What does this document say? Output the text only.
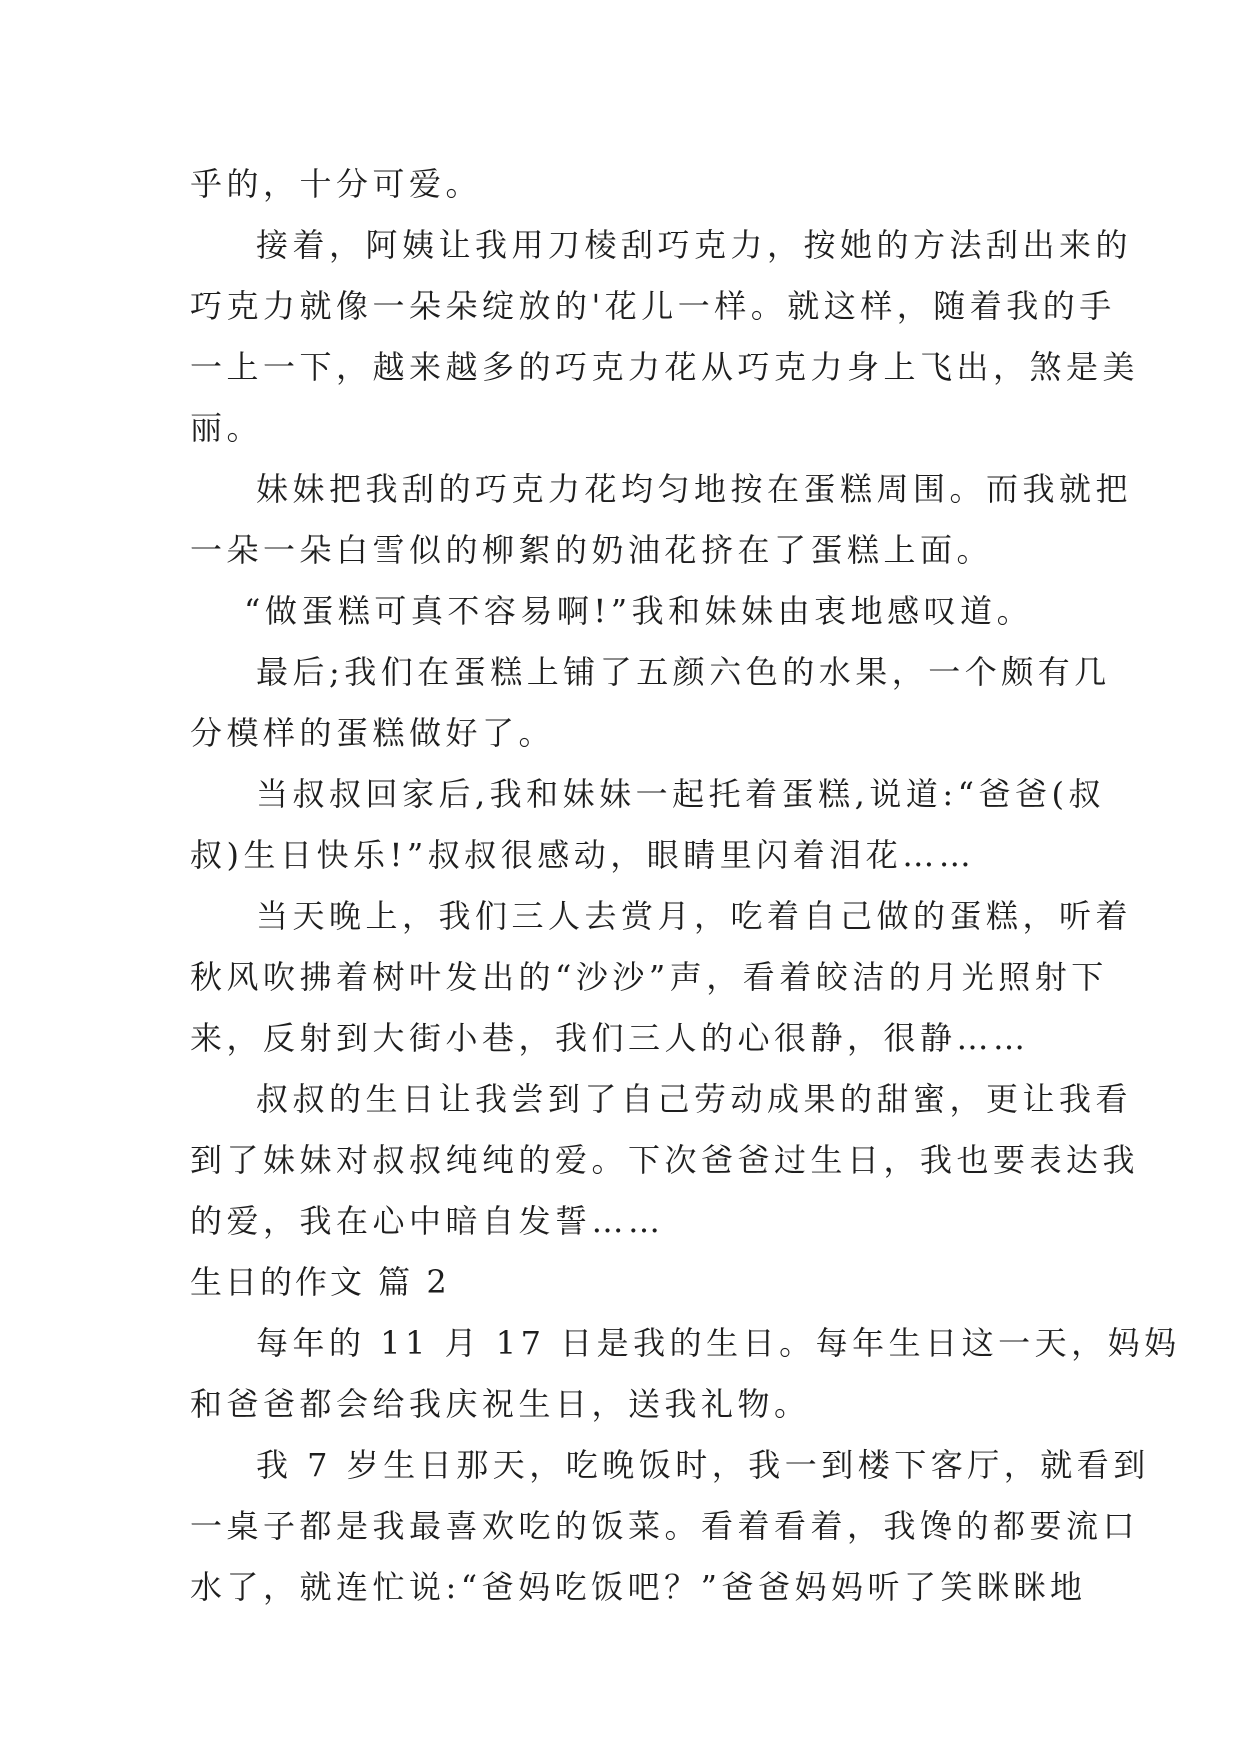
乎的，十分可爱。
接着，阿姨让我用刀棱刮巧克力，按她的方法刮出来的
巧克力就像一朵朵绽放的'花儿一样。就这样，随着我的手
一上一下，越来越多的巧克力花从巧克力身上飞出，煞是美
丽。
妹妹把我刮的巧克力花均匀地按在蛋糕周围。而我就把
一朵一朵白雪似的柳絮的奶油花挤在了蛋糕上面。
“做蛋糕可真不容易啊!”我和妹妹由衷地感叹道。
最后;我们在蛋糕上铺了五颜六色的水果，一个颇有几
分模样的蛋糕做好了。
当叔叔回家后,我和妹妹一起托着蛋糕,说道:“爸爸(叔
叔)生日快乐!”叔叔很感动，眼睛里闪着泪花……
当天晚上，我们三人去赏月，吃着自己做的蛋糕，听着
秋风吹拂着树叶发出的“沙沙”声，看着皎洁的月光照射下
来，反射到大街小巷，我们三人的心很静，很静……
叔叔的生日让我尝到了自己劳动成果的甜蜜，更让我看
到了妹妹对叔叔纯纯的爱。下次爸爸过生日，我也要表达我
的爱，我在心中暗自发誓……
生日的作文 篇 2
每年的 11 月 17 日是我的生日。每年生日这一天，妈妈
和爸爸都会给我庆祝生日，送我礼物。
我 7 岁生日那天，吃晚饭时，我一到楼下客厅，就看到
一桌子都是我最喜欢吃的饭菜。看着看着，我馋的都要流口
水了，就连忙说:“爸妈吃饭吧？”爸爸妈妈听了笑眯眯地
